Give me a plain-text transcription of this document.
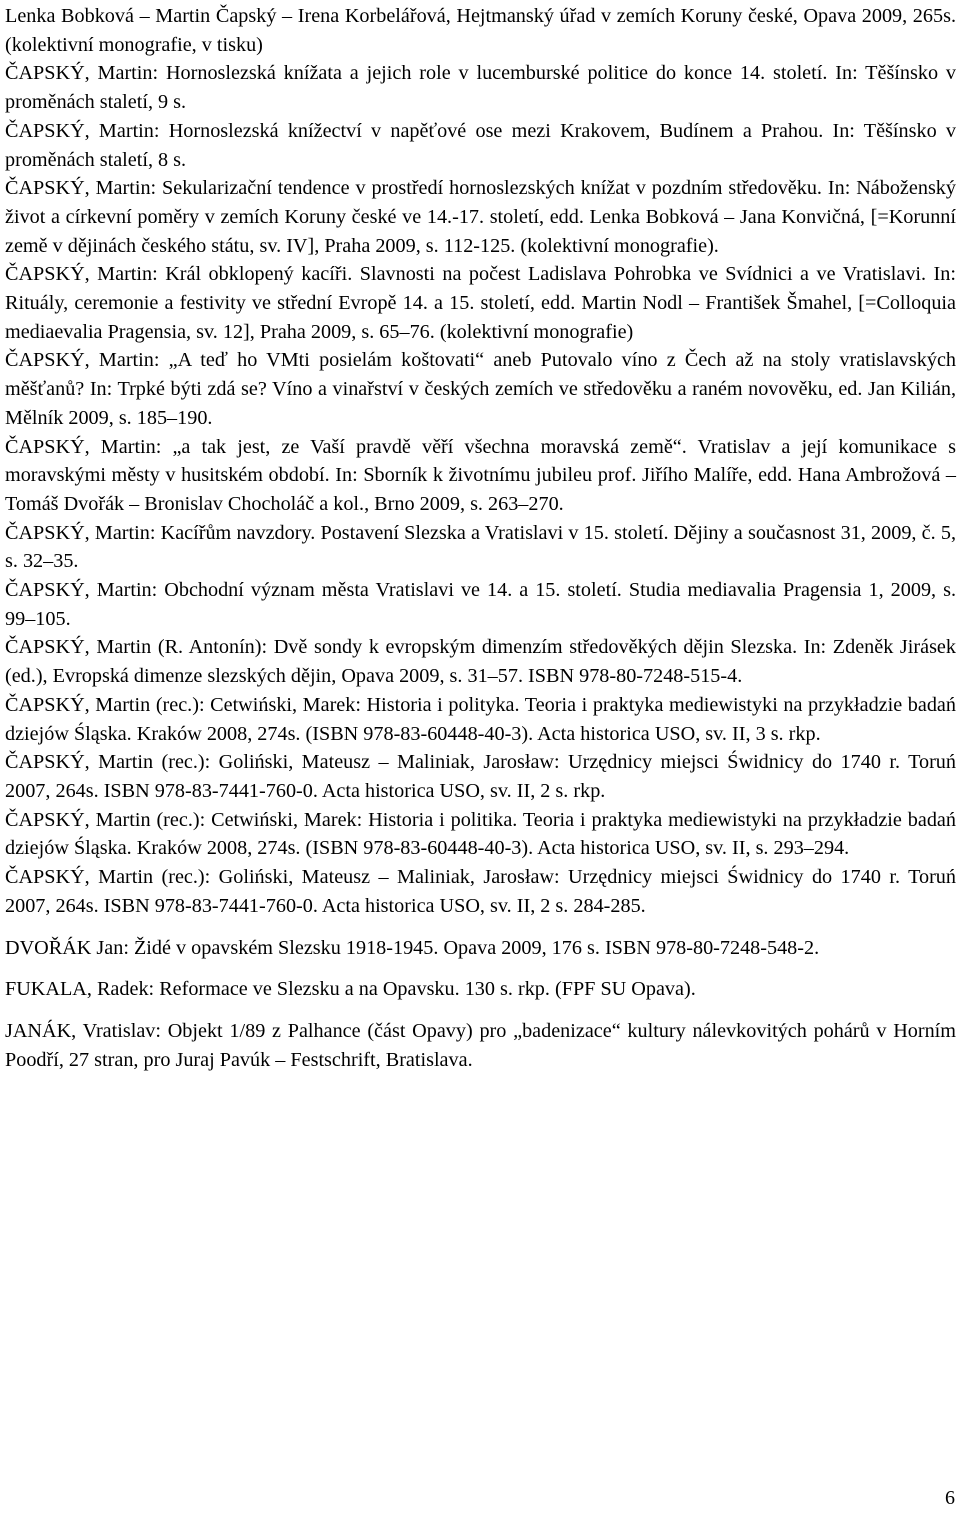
Lenka Bobková – Martin Čapský – Irena Korbelářová, Hejtmanský úřad v zemích Koruny české, Opava 2009, 265s. (kolektivní monografie, v tisku)

ČAPSKÝ, Martin: Hornoslezská knížata a jejich role v lucemburské politice do konce 14. století. In: Těšínsko v proměnách staletí, 9 s.

ČAPSKÝ, Martin: Hornoslezská knížectví v napěťové ose mezi Krakovem, Budínem a Prahou. In: Těšínsko v proměnách staletí, 8 s.

ČAPSKÝ, Martin: Sekularizační tendence v prostředí hornoslezských knížat v pozdním středověku. In: Náboženský život a církevní poměry v zemích Koruny české ve 14.-17. století, edd. Lenka Bobková – Jana Konvičná, [=Korunní země v dějinách českého státu, sv. IV], Praha 2009, s. 112-125. (kolektivní monografie).

ČAPSKÝ, Martin: Král obklopený kacíři. Slavnosti na počest Ladislava Pohrobka ve Svídnici a ve Vratislavi. In: Rituály, ceremonie a festivity ve střední Evropě 14. a 15. století, edd. Martin Nodl – František Šmahel, [=Colloquia mediaevalia Pragensia, sv. 12], Praha 2009, s. 65–76. (kolektivní monografie)

ČAPSKÝ, Martin: „A teď ho VMti posielám koštovati“ aneb Putovalo víno z Čech až na stoly vratislavských měšťanů? In: Trpké býti zdá se? Víno a vinařství v českých zemích ve středověku a raném novověku, ed. Jan Kilián, Mělník 2009, s. 185–190.

ČAPSKÝ, Martin: „a tak jest, ze Vaší pravdě věří všechna moravská země“. Vratislav a její komunikace s moravskými městy v husitském období. In: Sborník k životnímu jubileu prof. Jiřího Malíře, edd. Hana Ambrožová – Tomáš Dvořák – Bronislav Chocholáč a kol., Brno 2009, s. 263–270.

ČAPSKÝ, Martin: Kacířům navzdory. Postavení Slezska a Vratislavi v 15. století. Dějiny a současnost 31, 2009, č. 5, s. 32–35.

ČAPSKÝ, Martin: Obchodní význam města Vratislavi ve 14. a 15. století. Studia mediavalia Pragensia 1, 2009, s. 99–105.

ČAPSKÝ, Martin (R. Antonín): Dvě sondy k evropským dimenzím středověkých dějin Slezska. In: Zdeněk Jirásek (ed.), Evropská dimenze slezských dějin, Opava 2009, s. 31–57. ISBN 978-80-7248-515-4.

ČAPSKÝ, Martin (rec.): Cetwiński, Marek: Historia i polityka. Teoria i praktyka mediewistyki na przykładzie badań dziejów Śląska. Kraków 2008, 274s. (ISBN 978-83-60448-40-3). Acta historica USO, sv. II, 3 s. rkp.

ČAPSKÝ, Martin (rec.): Goliński, Mateusz – Maliniak, Jarosław: Urzędnicy miejsci Świdnicy do 1740 r. Toruń 2007, 264s. ISBN 978-83-7441-760-0. Acta historica USO, sv. II, 2 s. rkp.

ČAPSKÝ, Martin (rec.): Cetwiński, Marek: Historia i politika. Teoria i praktyka mediewistyki na przykładzie badań dziejów Śląska. Kraków 2008, 274s. (ISBN 978-83-60448-40-3). Acta historica USO, sv. II, s. 293–294.

ČAPSKÝ, Martin (rec.): Goliński, Mateusz – Maliniak, Jarosław: Urzędnicy miejsci Świdnicy do 1740 r. Toruń 2007, 264s. ISBN 978-83-7441-760-0. Acta historica USO, sv. II, 2 s. 284-285.

DVOŘÁK Jan: Židé v opavském Slezsku 1918-1945. Opava 2009, 176 s. ISBN 978-80-7248-548-2.

FUKALA, Radek: Reformace ve Slezsku a na Opavsku. 130 s. rkp. (FPF SU Opava).

JANÁK, Vratislav: Objekt 1/89 z Palhance (část Opavy) pro „badenizace“ kultury nálevkovitých pohárů v Horním Poodří, 27 stran, pro Juraj Pavúk – Festschrift, Bratislava.

6
